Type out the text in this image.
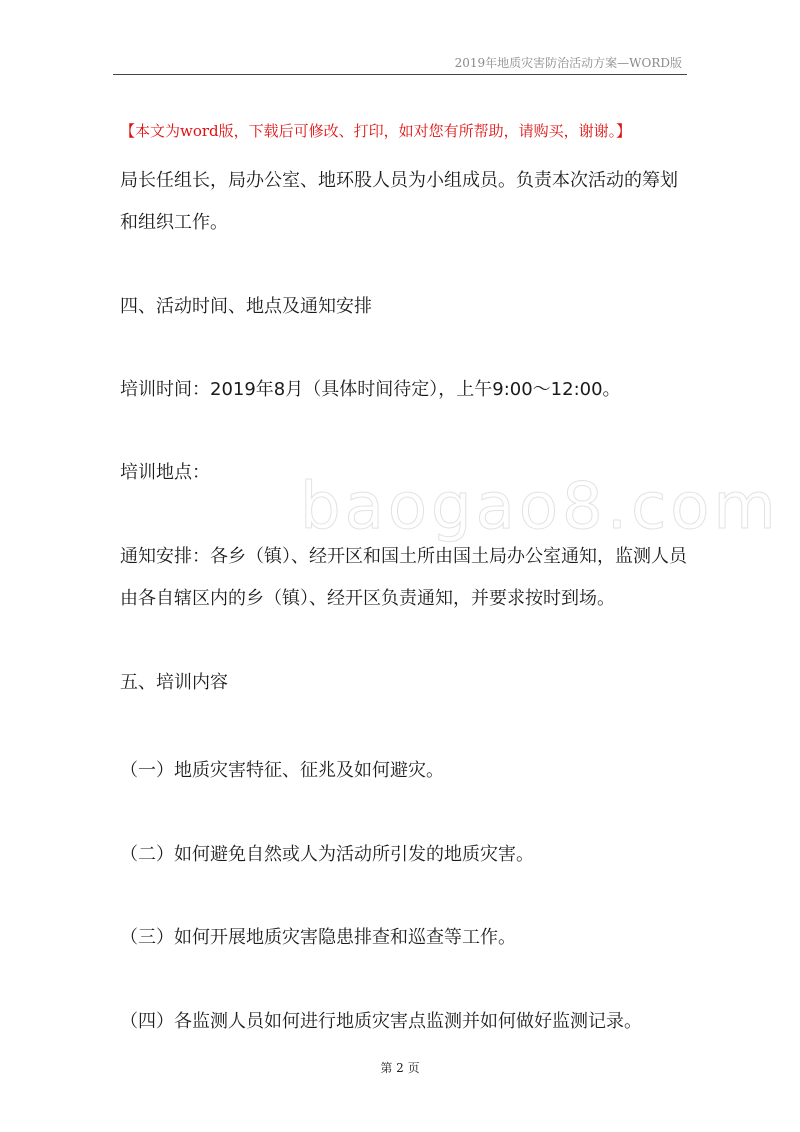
2019年地质灾害防治活动方案—WORD版
【本文为word版，下载后可修改、打印，如对您有所帮助，请购买，谢谢。】
baogao8.com

局长任组长，局办公室、地环股人员为小组成员。负责本次活动的筹划和组织工作。

四、活动时间、地点及通知安排

培训时间：2019年8月（具体时间待定），上午9:00～12:00。

培训地点：

通知安排：各乡（镇）、经开区和国土所由国土局办公室通知，监测人员由各自辖区内的乡（镇）、经开区负责通知，并要求按时到场。

五、培训内容

（一）地质灾害特征、征兆及如何避灾。

（二）如何避免自然或人为活动所引发的地质灾害。

（三）如何开展地质灾害隐患排查和巡查等工作。

（四）各监测人员如何进行地质灾害点监测并如何做好监测记录。

第 2 页
